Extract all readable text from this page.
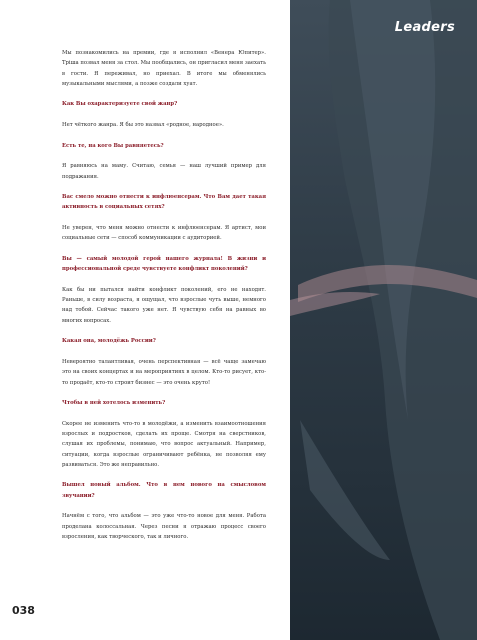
Leaders

Мы познакомились на премии, где я исполнил «Венера Юпитер». Тріша позвал меня за стол. Мы пообщались, он пригласил меня заехать в гости. Я переживал, но приехал. В итоге мы обменялись музыкальными мыслями, а позже создали хуат.

Как Вы охарактеризуете свой жанр?

Нет чёткого жанра. Я бы это назвал «родное, народное».

Есть те, на кого Вы равняетесь?

Я равняюсь на маму. Считаю, семья — наш лучший пример для подражания.

Вас смело можно отнести к инфлюенсерам. Что Вам дает такая активность в социальных сетях?

Не уверен, что меня можно отнести к инфлюенсерам. Я артист, мои социальные сети — способ коммуникации с аудиторией.

Вы — самый молодой герой нашего журнала! В жизни и профессиональной среде чувствуете конфликт поколений?

Как бы ни пытался найти конфликт поколений, его не находят. Раньше, в силу возраста, я ощущал, что взрослые чуть выше, немного над тобой. Сейчас такого уже нет. Я чувствую себя на равных во многих вопросах.

Какая она, молодёжь России?

Невероятно талантливая, очень перспективная — всё чаще замечаю это на своих концертах и на мероприятиях в целом. Кто-то рисует, кто-то продаёт, кто-то строит бизнес — это очень круто!

Чтобы в ней хотелось изменить?

Скорее не изменить что-то в молодёжи, а изменить взаимоотношения взрослых и подростков, сделать их проще. Смотря на сверстников, слушая их проблемы, понимаю, что вопрос актуальный. Например, ситуации, когда взрослые ограничивают ребёнка, не позволяя ему развиваться. Это же неправильно.

Вышел новый альбом. Что в нем нового на смысловом звучании?

Начнём с того, что альбом — это уже что-то новое для меня. Работа проделана колоссальная. Через песни я отражаю процесс своего взросления, как творческого, так и личного.

038
